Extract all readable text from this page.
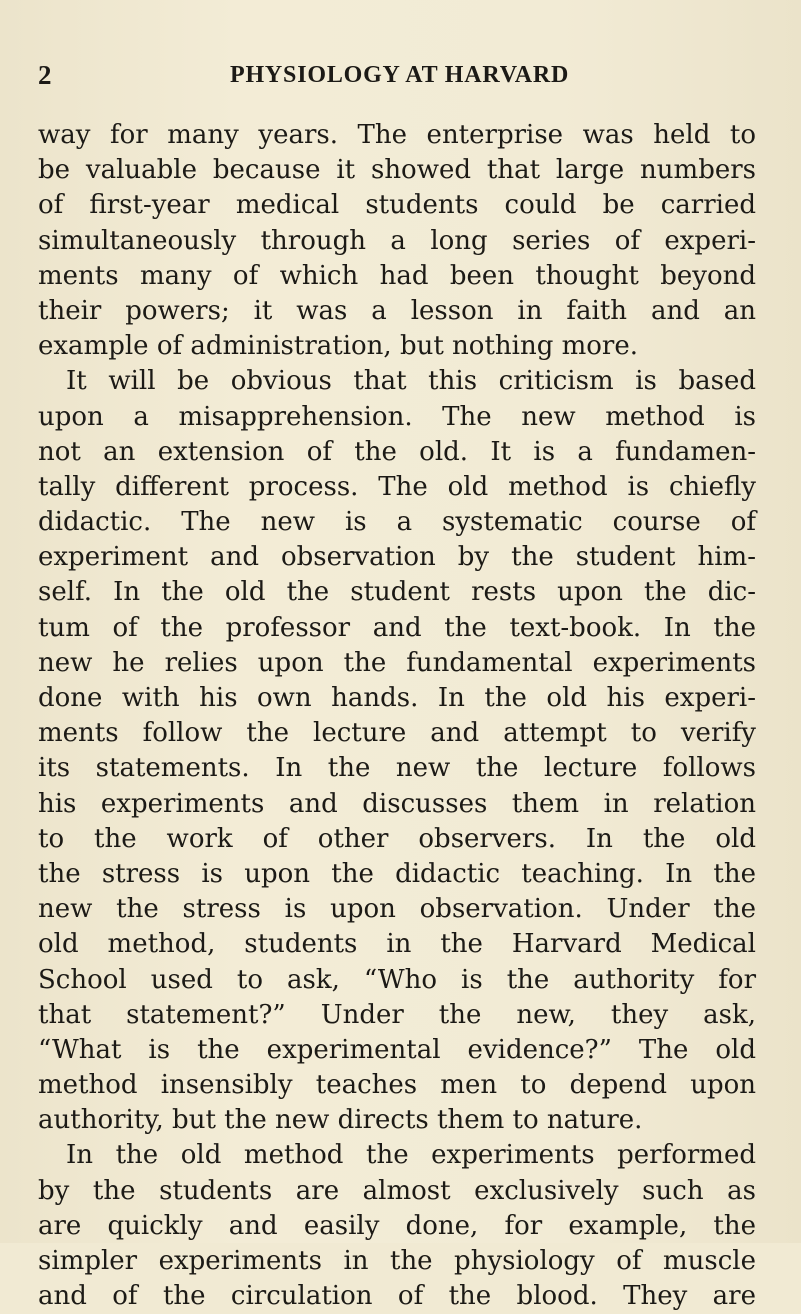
2	PHYSIOLOGY AT HARVARD
way for many years. The enterprise was held to
be valuable because it showed that large numbers
of first-year medical students could be carried
simultaneously through a long series of experi-
ments many of which had been thought beyond
their powers; it was a lesson in faith and an
example of administration, but nothing more.
It will be obvious that this criticism is based
upon a misapprehension. The new method is
not an extension of the old. It is a fundamen-
tally different process. The old method is chiefly
didactic. The new is a systematic course of
experiment and observation by the student him-
self. In the old the student rests upon the dic-
tum of the professor and the text-book. In the
new he relies upon the fundamental experiments
done with his own hands. In the old his experi-
ments follow the lecture and attempt to verify
its statements. In the new the lecture follows
his experiments and discusses them in relation
to the work of other observers. In the old
the stress is upon the didactic teaching. In the
new the stress is upon observation. Under the
old method, students in the Harvard Medical
School used to ask, “Who is the authority for
that statement?” Under the new, they ask,
“What is the experimental evidence?” The old
method insensibly teaches men to depend upon
authority, but the new directs them to nature.
In the old method the experiments performed
by the students are almost exclusively such as
are quickly and easily done, for example, the
simpler experiments in the physiology of muscle
and of the circulation of the blood. They are
